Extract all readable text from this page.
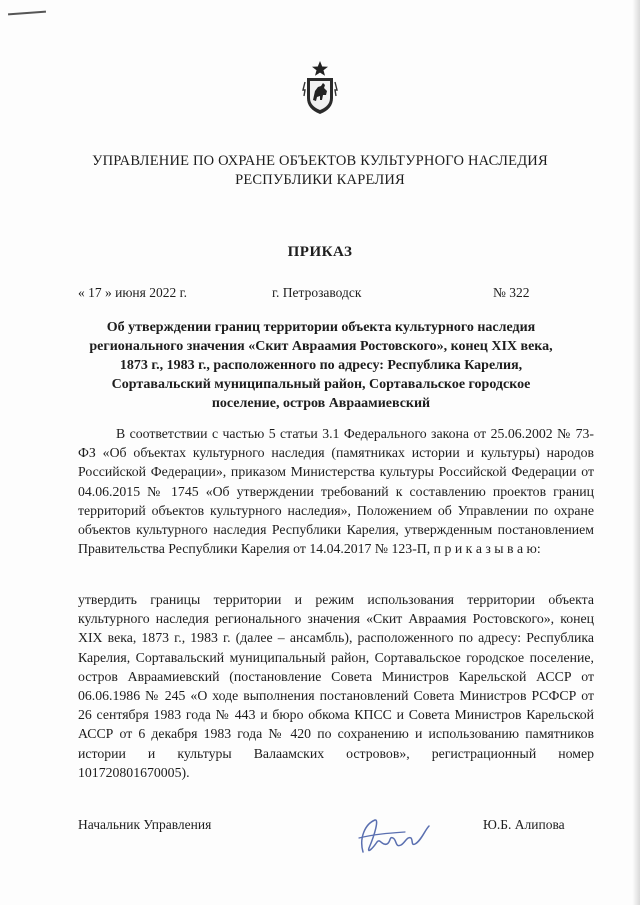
УПРАВЛЕНИЕ ПО ОХРАНЕ ОБЪЕКТОВ КУЛЬТУРНОГО НАСЛЕДИЯ
РЕСПУБЛИКИ КАРЕЛИЯ
ПРИКАЗ
« 17 » июня 2022 г.	г. Петрозаводск	№ 322
Об утверждении границ территории объекта культурного наследия регионального значения «Скит Авраамия Ростовского», конец XIX века, 1873 г., 1983 г., расположенного по адресу: Республика Карелия, Сортавальский муниципальный район, Сортавальское городское поселение, остров Авраамиевский
В соответствии с частью 5 статьи 3.1 Федерального закона от 25.06.2002 № 73-ФЗ «Об объектах культурного наследия (памятниках истории и культуры) народов Российской Федерации», приказом Министерства культуры Российской Федерации от 04.06.2015 № 1745 «Об утверждении требований к составлению проектов границ территорий объектов культурного наследия», Положением об Управлении по охране объектов культурного наследия Республики Карелия, утвержденным постановлением Правительства Республики Карелия от 14.04.2017 № 123-П, п р и к а з ы в а ю:
утвердить границы территории и режим использования территории объекта культурного наследия регионального значения «Скит Авраамия Ростовского», конец XIX века, 1873 г., 1983 г. (далее – ансамбль), расположенного по адресу: Республика Карелия, Сортавальский муниципальный район, Сортавальское городское поселение, остров Авраамиевский (постановление Совета Министров Карельской АССР от 06.06.1986 № 245 «О ходе выполнения постановлений Совета Министров РСФСР от 26 сентября 1983 года № 443 и бюро обкома КПСС и Совета Министров Карельской АССР от 6 декабря 1983 года № 420 по сохранению и использованию памятников истории и культуры Валаамских островов», регистрационный номер 101720801670005).
Начальник Управления	Ю.Б. Алипова
